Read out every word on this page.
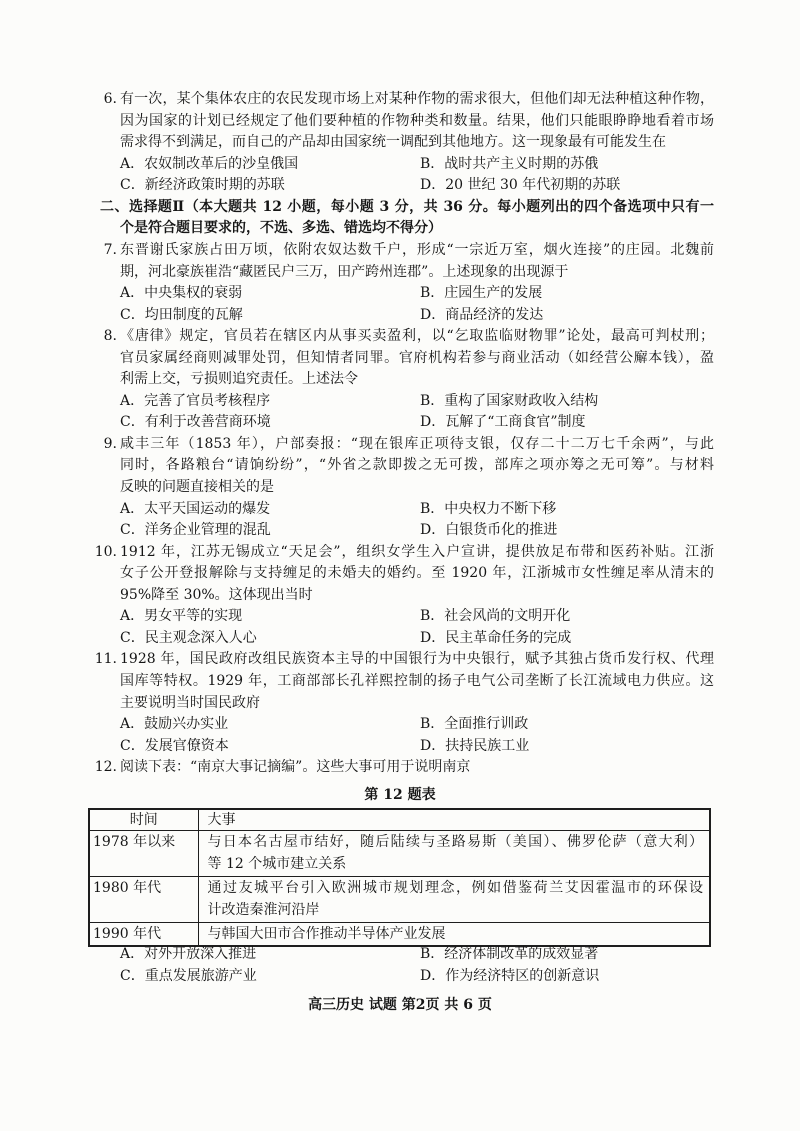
6. 有一次，某个集体农庄的农民发现市场上对某种作物的需求很大，但他们却无法种植这种作物，
因为国家的计划已经规定了他们要种植的作物种类和数量。结果，他们只能眼睁睁地看着市场
需求得不到满足，而自己的产品却由国家统一调配到其他地方。这一现象最有可能发生在
A．农奴制改革后的沙皇俄国	B．战时共产主义时期的苏俄
C．新经济政策时期的苏联	D．20 世纪 30 年代初期的苏联
二、选择题Ⅱ（本大题共 12 小题，每小题 3 分，共 36 分。每小题列出的四个备选项中只有一
个是符合题目要求的，不选、多选、错选均不得分）
7. 东晋谢氏家族占田万顷，依附农奴达数千户，形成“一宗近万室，烟火连接”的庄园。北魏前
期，河北豪族崔浩“藏匿民户三万，田产跨州连郡”。上述现象的出现源于
A．中央集权的衰弱	B．庄园生产的发展
C．均田制度的瓦解	D．商品经济的发达
8. 《唐律》规定，官员若在辖区内从事买卖盈利，以“乞取监临财物罪”论处，最高可判杖刑；
官员家属经商则减罪处罚，但知情者同罪。官府机构若参与商业活动（如经营公廨本钱），盈
利需上交，亏损则追究责任。上述法令
A．完善了官员考核程序	B．重构了国家财政收入结构
C．有利于改善营商环境	D．瓦解了“工商食官”制度
9. 咸丰三年（1853 年），户部奏报：“现在银库正项待支银，仅存二十二万七千余两”，与此
同时，各路粮台“请饷纷纷”，“外省之款即拨之无可拨，部库之项亦筹之无可筹”。与材料
反映的问题直接相关的是
A．太平天国运动的爆发	B．中央权力不断下移
C．洋务企业管理的混乱	D．白银货币化的推进
10. 1912 年，江苏无锡成立“天足会”，组织女学生入户宣讲，提供放足布带和医药补贴。江浙
女子公开登报解除与支持缠足的未婚夫的婚约。至 1920 年，江浙城市女性缠足率从清末的
95%降至 30%。这体现出当时
A．男女平等的实现	B．社会风尚的文明开化
C．民主观念深入人心	D．民主革命任务的完成
11. 1928 年，国民政府改组民族资本主导的中国银行为中央银行，赋予其独占货币发行权、代理
国库等特权。1929 年，工商部部长孔祥熙控制的扬子电气公司垄断了长江流域电力供应。这
主要说明当时国民政府
A．鼓励兴办实业	B．全面推行训政
C．发展官僚资本	D．扶持民族工业
12. 阅读下表：“南京大事记摘编”。这些大事可用于说明南京
第 12 题表
时间	大事
1978 年以来	与日本名古屋市结好，随后陆续与圣路易斯（美国）、佛罗伦萨（意大利）
等 12 个城市建立关系

1980 年代	通过友城平台引入欧洲城市规划理念，例如借鉴荷兰艾因霍温市的环保设
计改造秦淮河沿岸

1990 年代	与韩国大田市合作推动半导体产业发展
A．对外开放深入推进	B．经济体制改革的成效显著
C．重点发展旅游产业	D．作为经济特区的创新意识
高三历史 试题 第2页 共 6 页
